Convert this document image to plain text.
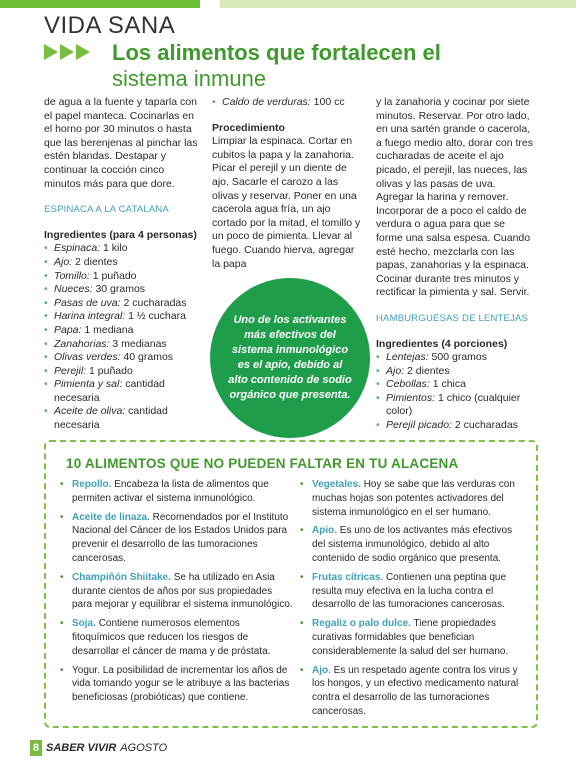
VIDA SANA
Los alimentos que fortalecen el
sistema inmune

de agua a la fuente y taparla con el papel manteca. Cocinarlas en el horno por 30 minutos o hasta que las berenjenas al pinchar las estén blandas. Destapar y continuar la cocción cinco minutos más para que dore.

ESPINACA A LA CATALANA
Ingredientes (para 4 personas)
• Espinaca: 1 kilo
• Ajo: 2 dientes
• Tomillo: 1 puñado
• Nueces: 30 gramos
• Pasas de uva: 2 cucharadas
• Harina integral: 1 ½ cuchara
• Papa: 1 mediana
• Zanahorias: 3 medianas
• Olivas verdes: 40 gramos
• Perejil: 1 puñado
• Pimienta y sal: cantidad necesaria
• Aceite de oliva: cantidad necesaria
• Caldo de verduras: 100 cc
Procedimiento

Limpiar la espinaca. Cortar en cubitos la papa y la zanahoria. Picar el perejil y un diente de ajo. Sacarle el carozo a las olivas y reservar. Poner en una cacerola agua fría, un ajo cortado por la mitad, el tomillo y un poco de pimienta. Llevar al fuego. Cuando hierva, agregar la papa

Uno de los activantes más efectivos del sistema inmunológico es el apio, debido al alto contenido de sodio orgánico que presenta.

y la zanahoria y cocinar por siete minutos. Reservar. Por otro lado, en una sartén grande o cacerola, a fuego medio alto, dorar con tres cucharadas de aceite el ajo picado, el perejil, las nueces, las olivas y las pasas de uva. Agregar la harina y remover. Incorporar de a poco el caldo de verdura o agua para que se forme una salsa espesa. Cuando esté hecho, mezclarla con las papas, zanahorias y la espinaca. Cocinar durante tres minutos y rectificar la pimienta y sal. Servir.

HAMBURGUESAS DE LENTEJAS
Ingredientes (4 porciones)
• Lentejas: 500 gramos
• Ajo: 2 dientes
• Cebollas: 1 chica
• Pimientos: 1 chico (cualquier color)
• Perejil picado: 2 cucharadas
10 ALIMENTOS QUE NO PUEDEN FALTAR EN TU ALACENA
• Repollo. Encabeza la lista de alimentos que permiten activar el sistema inmunológico.
• Aceite de linaza. Recomendados por el Instituto Nacional del Cáncer de los Estados Unidos para prevenir el desarrollo de las tumoraciones cancerosas.
• Champiñón Shiitake. Se ha utilizado en Asia durante cientos de años por sus propiedades para mejorar y equilibrar el sistema inmunológico.
• Soja. Contiene numerosos elementos fitoquímicos que reducen los riesgos de desarrollar el cáncer de mama y de próstata.
• Yogur. La posibilidad de incrementar los años de vida tomando yogur se le atribuye a las bacterias beneficiosas (probióticas) que contiene.
• Vegetales. Hoy se sabe que las verduras con muchas hojas son potentes activadores del sistema inmunológico en el ser humano.
• Apio. Es uno de los activantes más efectivos del sistema inmunológico, debido al alto contenido de sodio orgánico que presenta.
• Frutas cítricas. Contienen una peptina que resulta muy efectiva en la lucha contra el desarrollo de las tumoraciones cancerosas.
• Regaliz o palo dulce. Tiene propiedades curativas formidables que benefician considerablemente la salud del ser humano.
• Ajo. Es un respetado agente contra los virus y los hongos, y un efectivo medicamento natural contra el desarrollo de las tumoraciones cancerosas.
8 SABER VIVIR AGOSTO
